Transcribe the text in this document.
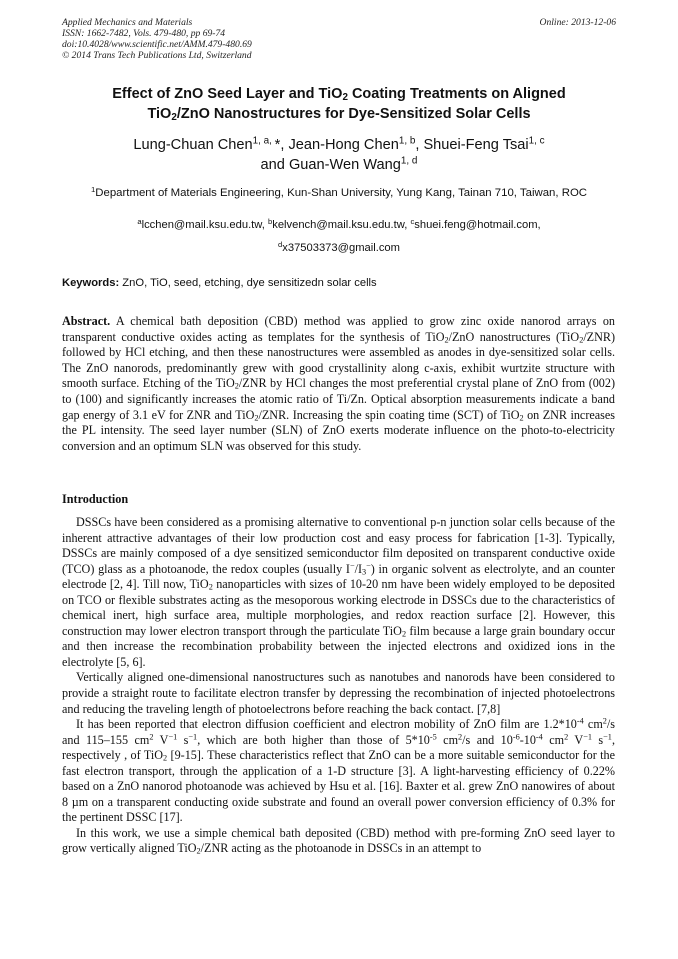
Applied Mechanics and Materials
ISSN: 1662-7482, Vols. 479-480, pp 69-74
doi:10.4028/www.scientific.net/AMM.479-480.69
© 2014 Trans Tech Publications Ltd, Switzerland
Online: 2013-12-06
Effect of ZnO Seed Layer and TiO$_2$ Coating Treatments on Aligned
TiO$_2$/ZnO Nanostructures for Dye-Sensitized Solar Cells
Lung-Chuan Chen$^{1, a,}$ *, Jean-Hong Chen$^{1, b}$, Shuei-Feng Tsai$^{1, c}$
and Guan-Wen Wang$^{1, d}$
$^1$Department of Materials Engineering, Kun-Shan University, Yung Kang, Tainan 710, Taiwan, ROC
$^a$lcchen@mail.ksu.edu.tw, $^b$kelvench@mail.ksu.edu.tw, $^c$shuei.feng@hotmail.com,
$^d$x37503373@gmail.com
Keywords: ZnO, TiO, seed, etching, dye sensitizedn solar cells
Abstract. A chemical bath deposition (CBD) method was applied to grow zinc oxide nanorod arrays on transparent conductive oxides acting as templates for the synthesis of TiO$_2$/ZnO nanostructures (TiO$_2$/ZNR) followed by HCl etching, and then these nanostructures were assembled as anodes in dye-sensitized solar cells. The ZnO nanorods, predominantly grew with good crystallinity along c-axis, exhibit wurtzite structure with smooth surface. Etching of the TiO$_2$/ZNR by HCl changes the most preferential crystal plane of ZnO from (002) to (100) and significantly increases the atomic ratio of Ti/Zn. Optical absorption measurements indicate a band gap energy of 3.1 eV for ZNR and TiO$_2$/ZNR. Increasing the spin coating time (SCT) of TiO$_2$ on ZNR increases the PL intensity. The seed layer number (SLN) of ZnO exerts moderate influence on the photo-to-electricity conversion and an optimum SLN was observed for this study.
Introduction

DSSCs have been considered as a promising alternative to conventional p-n junction solar cells because of the inherent attractive advantages of their low production cost and easy process for fabrication [1-3]. Typically, DSSCs are mainly composed of a dye sensitized semiconductor film deposited on transparent conductive oxide (TCO) glass as a photoanode, the redox couples (usually $I^-/I_3^-$) in organic solvent as electrolyte, and an counter electrode [2, 4]. Till now, TiO$_2$ nanoparticles with sizes of 10-20 nm have been widely employed to be deposited on TCO or flexible substrates acting as the mesoporous working electrode in DSSCs due to the characteristics of chemical inert, high surface area, multiple morphologies, and redox reaction surface [2]. However, this construction may lower electron transport through the particulate TiO$_2$ film because a large grain boundary occur and then increase the recombination probability between the injected electrons and oxidized ions in the electrolyte [5, 6].

Vertically aligned one-dimensional nanostructures such as nanotubes and nanorods have been considered to provide a straight route to facilitate electron transfer by depressing the recombination of injected photoelectrons and reducing the traveling length of photoelectrons before reaching the back contact. [7,8]

It has been reported that electron diffusion coefficient and electron mobility of ZnO film are $1.2*10^{-4}$ $cm^2/s$ and 115–155 $cm^2$ $V^{-1}$ $s^{-1}$, which are both higher than those of $5*10^{-5}$ $cm^2/s$ and $10^{-6}-10^{-4}$ $cm^2$ $V^{-1}$ $s^{-1}$, respectively , of TiO$_2$ [9-15]. These characteristics reflect that ZnO can be a more suitable semiconductor for the fast electron transport, through the application of a 1-D structure [3]. A light-harvesting efficiency of 0.22% based on a ZnO nanorod photoanode was achieved by Hsu et al. [16]. Baxter et al. grew ZnO nanowires of about 8 µm on a transparent conducting oxide substrate and found an overall power conversion efficiency of 0.3% for the pertinent DSSC [17].

In this work, we use a simple chemical bath deposited (CBD) method with pre-forming ZnO seed layer to grow vertically aligned TiO$_2$/ZNR acting as the photoanode in DSSCs in an attempt to
